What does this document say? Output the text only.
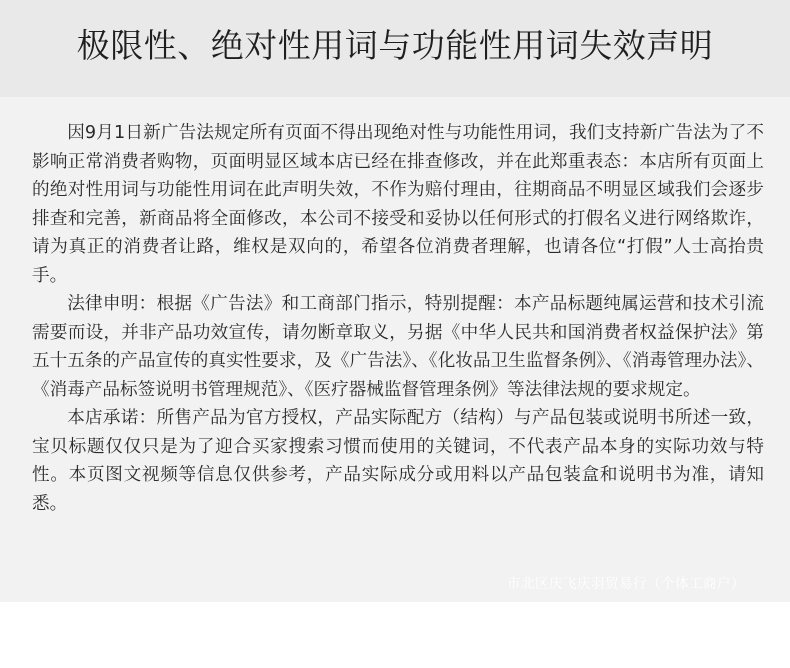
极限性、绝对性用词与功能性用词失效声明

因9月1日新广告法规定所有页面不得出现绝对性与功能性用词，我们支持新广告法为了不影响正常消费者购物，页面明显区域本店已经在排查修改，并在此郑重表态：本店所有页面上的绝对性用词与功能性用词在此声明失效，不作为赔付理由，往期商品不明显区域我们会逐步排查和完善，新商品将全面修改，本公司不接受和妥协以任何形式的打假名义进行网络欺诈，请为真正的消费者让路，维权是双向的，希望各位消费者理解，也请各位“打假”人士高抬贵手。

法律申明：根据《广告法》和工商部门指示，特别提醒：本产品标题纯属运营和技术引流需要而设，并非产品功效宣传，请勿断章取义，另据《中华人民共和国消费者权益保护法》第五十五条的产品宣传的真实性要求，及《广告法》、《化妆品卫生监督条例》、《消毒管理办法》、《消毒产品标签说明书管理规范》、《医疗器械监督管理条例》等法律法规的要求规定。

本店承诺：所售产品为官方授权，产品实际配方（结构）与产品包装或说明书所述一致，宝贝标题仅仅只是为了迎合买家搜索习惯而使用的关键词，不代表产品本身的实际功效与特性。本页图文视频等信息仅供参考，产品实际成分或用料以产品包装盒和说明书为准，请知悉。

市北区庆飞庆羽贸易行（个体工商户）
